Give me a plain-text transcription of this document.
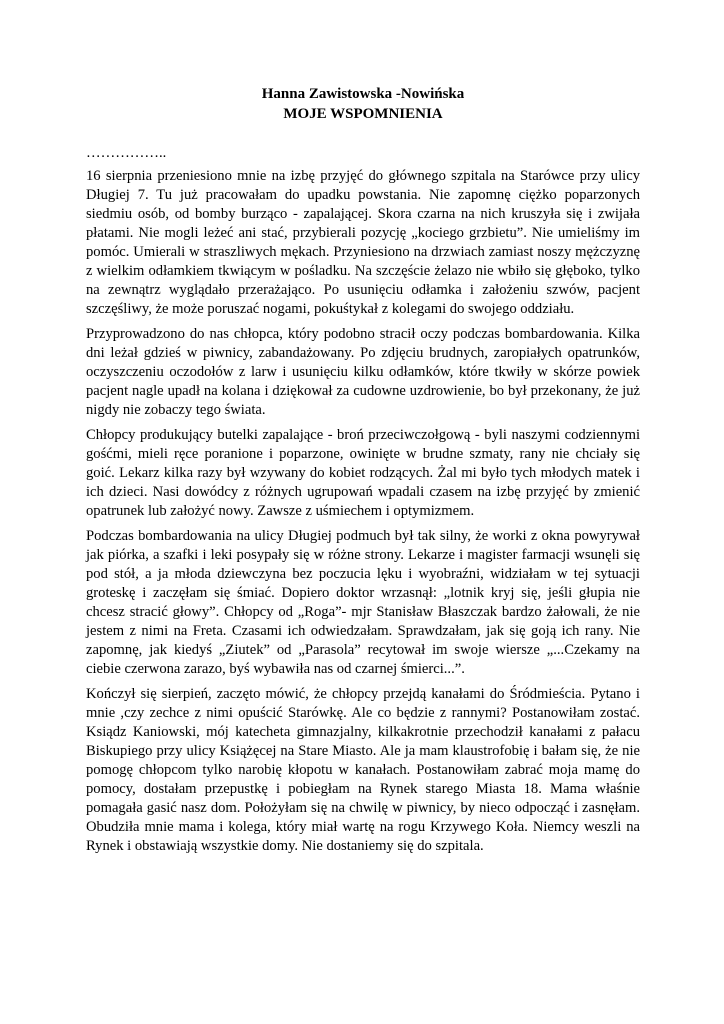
Hanna Zawistowska -Nowińska
MOJE WSPOMNIENIA
……………..

16 sierpnia przeniesiono mnie na izbę przyjęć do głównego szpitala na Starówce przy ulicy Długiej 7. Tu już pracowałam do upadku powstania. Nie zapomnę ciężko poparzonych siedmiu osób, od bomby burząco - zapalającej. Skora czarna na nich kruszyła się i zwijała płatami. Nie mogli leżeć ani stać, przybierali pozycję „kociego grzbietu”. Nie umieliśmy im pomóc. Umierali w straszliwych mękach. Przyniesiono na drzwiach zamiast noszy mężczyznę z wielkim odłamkiem tkwiącym w pośladku. Na szczęście żelazo nie wbiło się głęboko, tylko na zewnątrz wyglądało przerażająco. Po usunięciu odłamka i założeniu szwów, pacjent szczęśliwy, że może poruszać nogami, pokuśtykał z kolegami do swojego oddziału.

Przyprowadzono do nas chłopca, który podobno stracił oczy podczas bombardowania. Kilka dni leżał gdzieś w piwnicy, zabandażowany. Po zdjęciu brudnych, zaropiałych opatrunków, oczyszczeniu oczodołów z larw i usunięciu kilku odłamków, które tkwiły w skórze powiek pacjent nagle upadł na kolana i dziękował za cudowne uzdrowienie, bo był przekonany, że już nigdy nie zobaczy tego świata.

Chłopcy produkujący butelki zapalające - broń przeciwczołgową - byli naszymi codziennymi gośćmi, mieli ręce poranione i poparzone, owinięte w brudne szmaty, rany nie chciały się goić. Lekarz kilka razy był wzywany do kobiet rodzących. Żal mi było tych młodych matek i ich dzieci. Nasi dowódcy z różnych ugrupowań wpadali czasem na izbę przyjęć by zmienić opatrunek lub założyć nowy. Zawsze z uśmiechem i optymizmem.

Podczas bombardowania na ulicy Długiej podmuch był tak silny, że worki z okna powyrywał jak piórka, a szafki i leki posypały się w różne strony. Lekarze i magister farmacji wsunęli się pod stół, a ja młoda dziewczyna bez poczucia lęku i wyobraźni, widziałam w tej sytuacji groteskę i zaczęłam się śmiać. Dopiero doktor wrzasnął: „lotnik kryj się, jeśli głupia nie chcesz stracić głowy”. Chłopcy od „Roga”- mjr Stanisław Błaszczak bardzo żałowali, że nie jestem z nimi na Freta. Czasami ich odwiedzałam. Sprawdzałam, jak się goją ich rany. Nie zapomnę, jak kiedyś „Ziutek” od „Parasola” recytował im swoje wiersze „...Czekamy na ciebie czerwona zarazo, byś wybawiła nas od czarnej śmierci...”.

Kończył się sierpień, zaczęto mówić, że chłopcy przejdą kanałami do Śródmieścia. Pytano i mnie ,czy zechce z nimi opuścić Starówkę. Ale co będzie z rannymi? Postanowiłam zostać. Ksiądz Kaniowski, mój katecheta gimnazjalny, kilkakrotnie przechodził kanałami z pałacu Biskupiego przy ulicy Książęcej na Stare Miasto. Ale ja mam klaustrofobię i bałam się, że nie pomogę chłopcom tylko narobię kłopotu w kanałach. Postanowiłam zabrać moja mamę do pomocy, dostałam przepustkę i pobiegłam na Rynek starego Miasta 18. Mama właśnie pomagała gasić nasz dom. Położyłam się na chwilę w piwnicy, by nieco odpocząć i zasnęłam. Obudziła mnie mama i kolega, który miał wartę na rogu Krzywego Koła. Niemcy weszli na Rynek i obstawiają wszystkie domy. Nie dostaniemy się do szpitala.
